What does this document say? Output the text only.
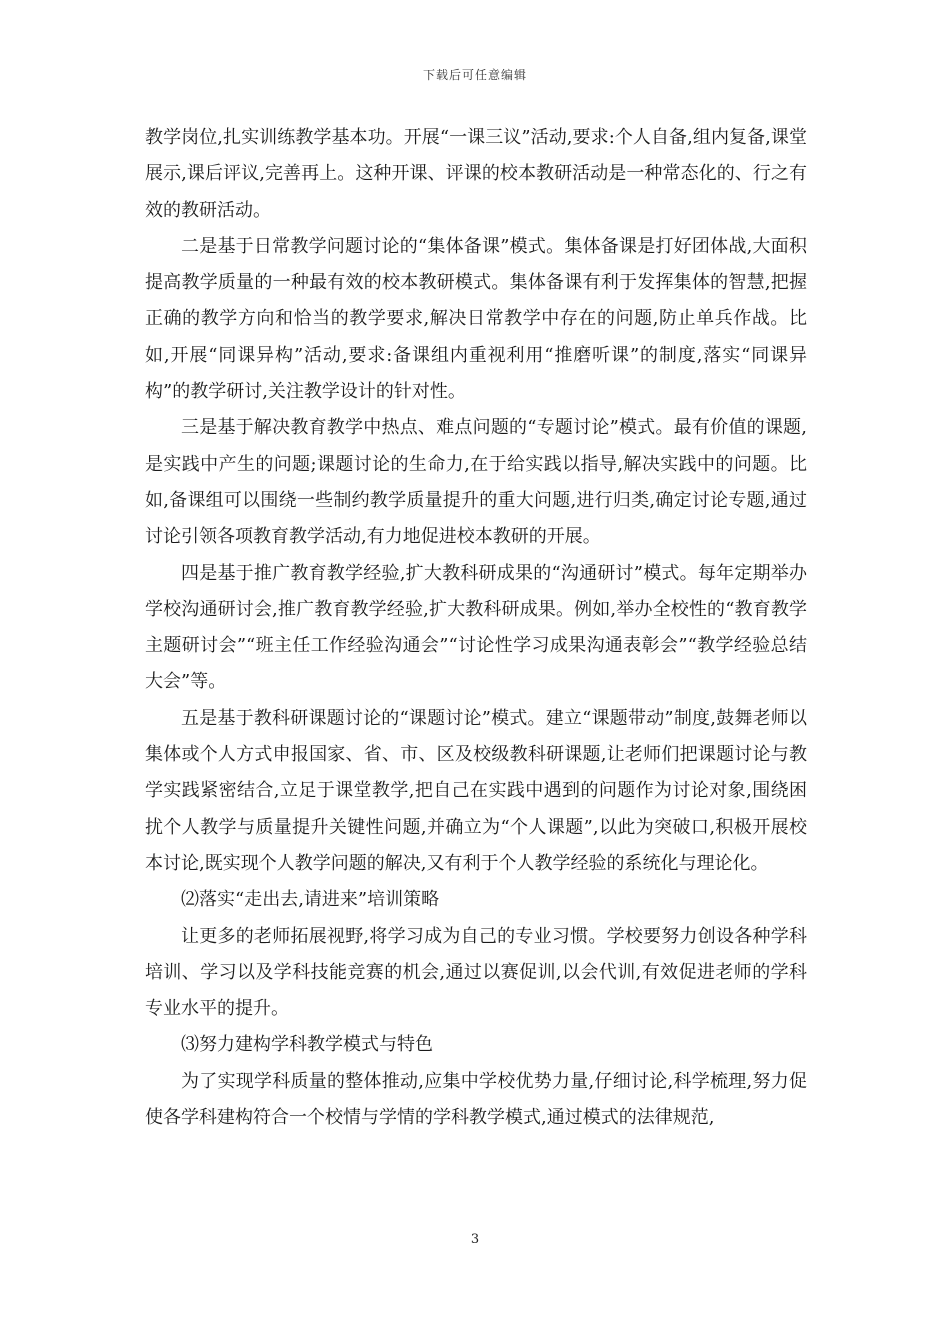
下载后可任意编辑

教学岗位,扎实训练教学基本功。开展“一课三议”活动,要求:个人自备,组内复备,课堂展示,课后评议,完善再上。这种开课、评课的校本教研活动是一种常态化的、行之有效的教研活动。

二是基于日常教学问题讨论的“集体备课”模式。集体备课是打好团体战,大面积提高教学质量的一种最有效的校本教研模式。集体备课有利于发挥集体的智慧,把握正确的教学方向和恰当的教学要求,解决日常教学中存在的问题,防止单兵作战。比如,开展“同课异构”活动,要求:备课组内重视利用“推磨听课”的制度,落实“同课异构”的教学研讨,关注教学设计的针对性。

三是基于解决教育教学中热点、难点问题的“专题讨论”模式。最有价值的课题,是实践中产生的问题;课题讨论的生命力,在于给实践以指导,解决实践中的问题。比如,备课组可以围绕一些制约教学质量提升的重大问题,进行归类,确定讨论专题,通过讨论引领各项教育教学活动,有力地促进校本教研的开展。

四是基于推广教育教学经验,扩大教科研成果的“沟通研讨”模式。每年定期举办学校沟通研讨会,推广教育教学经验,扩大教科研成果。例如,举办全校性的“教育教学主题研讨会”“班主任工作经验沟通会”“讨论性学习成果沟通表彰会”“教学经验总结大会”等。

五是基于教科研课题讨论的“课题讨论”模式。建立“课题带动”制度,鼓舞老师以集体或个人方式申报国家、省、市、区及校级教科研课题,让老师们把课题讨论与教学实践紧密结合,立足于课堂教学,把自己在实践中遇到的问题作为讨论对象,围绕困扰个人教学与质量提升关键性问题,并确立为“个人课题”,以此为突破口,积极开展校本讨论,既实现个人教学问题的解决,又有利于个人教学经验的系统化与理论化。

⑵落实“走出去,请进来”培训策略

让更多的老师拓展视野,将学习成为自己的专业习惯。学校要努力创设各种学科培训、学习以及学科技能竞赛的机会,通过以赛促训,以会代训,有效促进老师的学科专业水平的提升。

⑶努力建构学科教学模式与特色

为了实现学科质量的整体推动,应集中学校优势力量,仔细讨论,科学梳理,努力促使各学科建构符合一个校情与学情的学科教学模式,通过模式的法律规范,

3
